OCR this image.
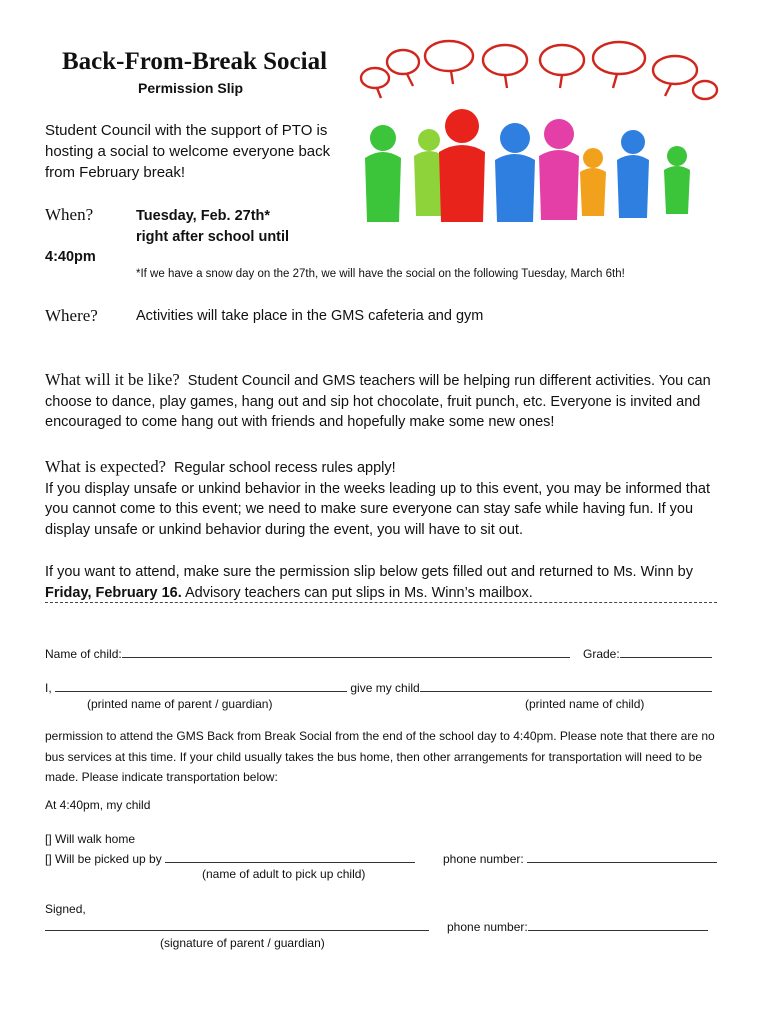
Back-From-Break Social
Permission Slip
Student Council with the support of PTO is hosting a social to welcome everyone back from February break!
When?	Tuesday, Feb. 27th*
right after school until
4:40pm
*If we have a snow day on the 27th, we will have the social on the following Tuesday, March 6th!
Where?	Activities will take place in the GMS cafeteria and gym
What will it be like? Student Council and GMS teachers will be helping run different activities. You can choose to dance, play games, hang out and sip hot chocolate, fruit punch, etc. Everyone is invited and encouraged to come hang out with friends and hopefully make some new ones!
What is expected? Regular school recess rules apply!
If you display unsafe or unkind behavior in the weeks leading up to this event, you may be informed that you cannot come to this event; we need to make sure everyone can stay safe while having fun. If you display unsafe or unkind behavior during the event, you will have to sit out.
If you want to attend, make sure the permission slip below gets filled out and returned to Ms. Winn by Friday, February 16. Advisory teachers can put slips in Ms. Winn’s mailbox.
Name of child:	Grade:
I,	give my child
(printed name of parent / guardian)	(printed name of child)
permission to attend the GMS Back from Break Social from the end of the school day to 4:40pm. Please note that there are no bus services at this time. If your child usually takes the bus home, then other arrangements for transportation will need to be made. Please indicate transportation below:
At 4:40pm, my child
[] Will walk home
[] Will be picked up by	phone number:
(name of adult to pick up child)
Signed,
phone number:
(signature of parent / guardian)
